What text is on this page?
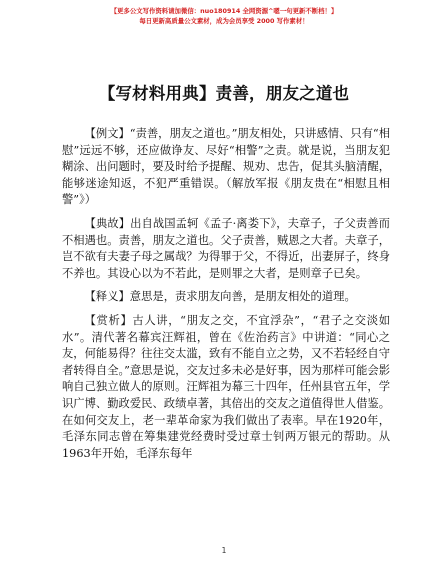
【更多公文写作资料请加微信：nuo180914 全网资源^嗯一句更新不断档！】
每日更新高质量公文素材，成为会员享受 2000 写作素材！
【写材料用典】责善，朋友之道也

【例文】“责善，朋友之道也。”朋友相处，只讲感情、只有“相慰”远远不够，还应做诤友、尽好“相警”之责。就是说，当朋友犯糊涂、出问题时，要及时给予提醒、规劝、忠告，促其头脑清醒，能够迷途知返，不犯严重错误。（解放军报《朋友贵在“相慰且相警”》）

【典故】出自战国孟轲《孟子·离娄下》，夫章子，子父责善而不相遇也。责善，朋友之道也。父子责善，贼恩之大者。夫章子，岂不欲有夫妻子母之属哉？为得罪于父，不得近，出妻屏子，终身不养也。其设心以为不若此，是则罪之大者，是则章子已矣。

【释义】意思是，责求朋友向善，是朋友相处的道理。

【赏析】古人讲，“朋友之交，不宜浮杂”，“君子之交淡如水”。清代著名幕宾汪辉祖，曾在《佐治药言》中讲道：“同心之友，何能易得？往往交太滥，致有不能自立之势，又不若轻经自守者转得自全。”意思是说，交友过多未必是好事，因为那样可能会影响自己独立做人的原则。汪辉祖为幕三十四年，任州县官五年，学识广博、勤政爱民、政绩卓著，其倍出的交友之道值得世人借鉴。在如何交友上，老一辈革命家为我们做出了表率。早在1920年，毛泽东同志曾在筹集建党经费时受过章士钊两万银元的帮助。从1963年开始，毛泽东每年

1
